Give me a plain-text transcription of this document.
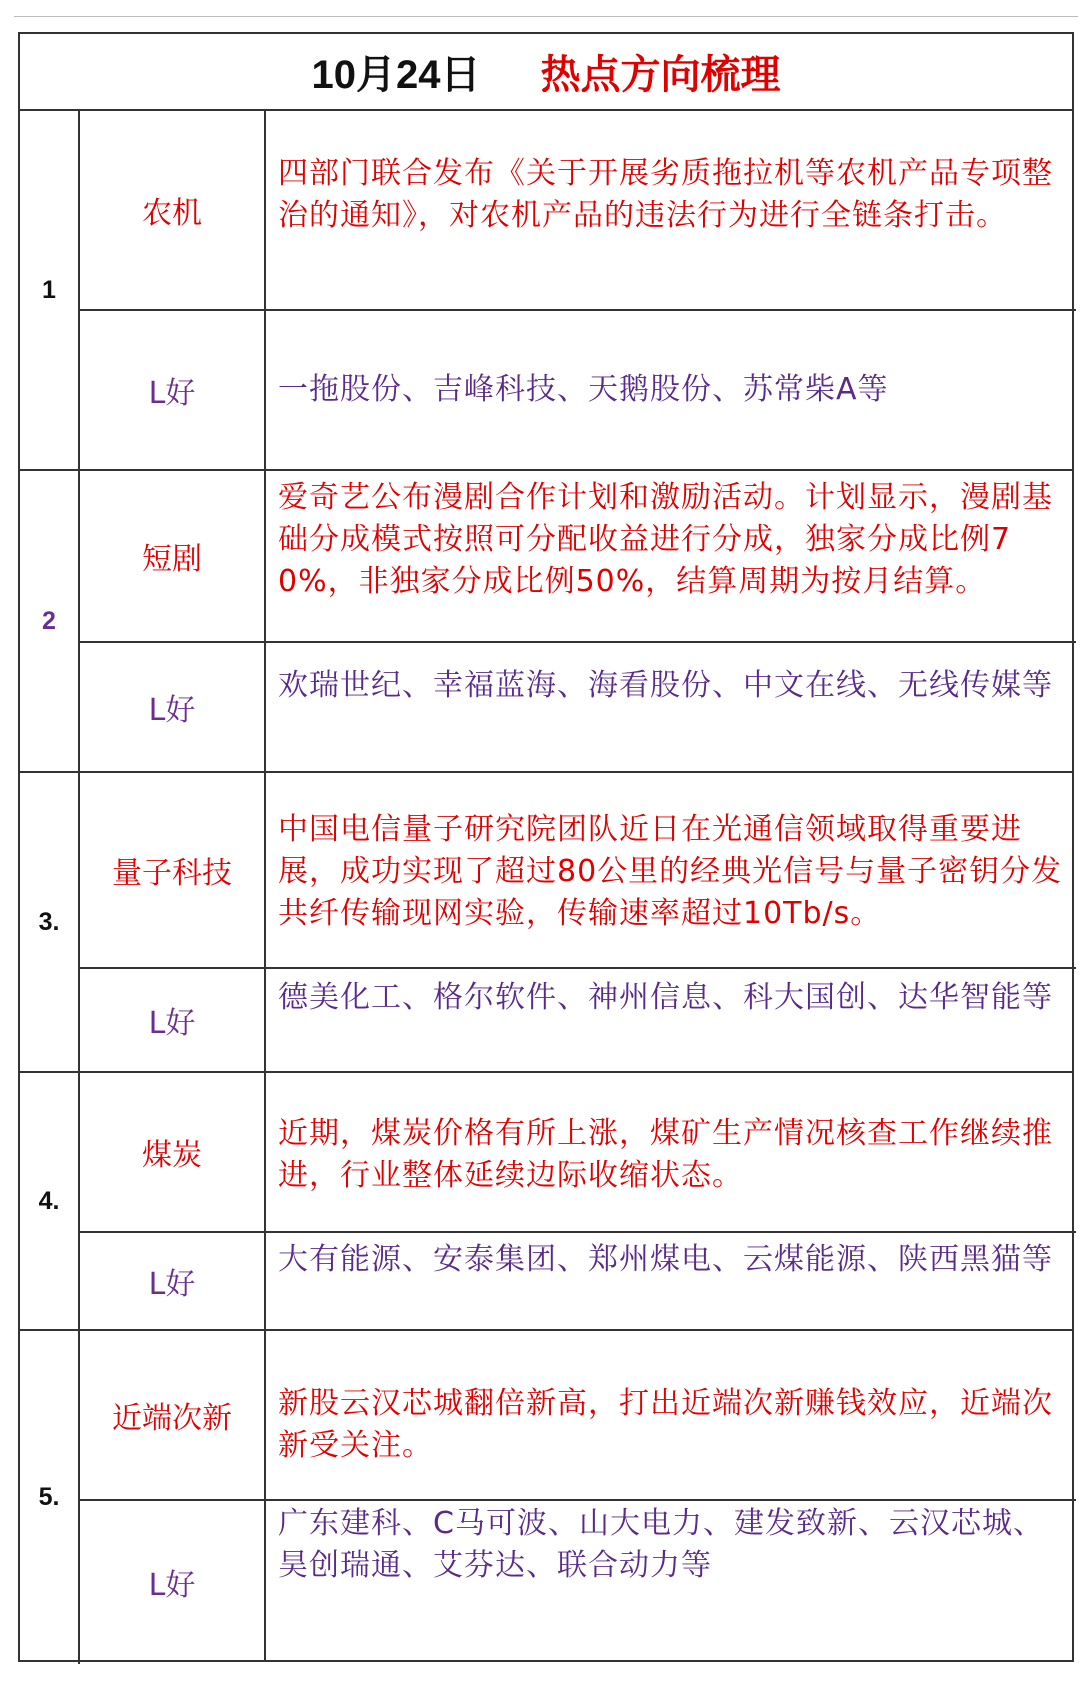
10月24日 热点方向梳理
1
农机
四部门联合发布《关于开展劣质拖拉机等农机产品专项整治的通知》，对农机产品的违法行为进行全链条打击。
L好	一拖股份、吉峰科技、天鹅股份、苏常柴A等
2
短剧
爱奇艺公布漫剧合作计划和激励活动。计划显示，漫剧基础分成模式按照可分配收益进行分成，独家分成比例70%，非独家分成比例50%，结算周期为按月结算。
L好
欢瑞世纪、幸福蓝海、海看股份、中文在线、无线传媒等
3.
量子科技
中国电信量子研究院团队近日在光通信领域取得重要进展，成功实现了超过80公里的经典光信号与量子密钥分发共纤传输现网实验，传输速率超过10Tb/s。
L好
德美化工、格尔软件、神州信息、科大国创、达华智能等
4.
煤炭
近期，煤炭价格有所上涨，煤矿生产情况核查工作继续推进，行业整体延续边际收缩状态。
L好
大有能源、安泰集团、郑州煤电、云煤能源、陕西黑猫等
5.
近端次新	新股云汉芯城翻倍新高，打出近端次新赚钱效应，近端次新受关注。
L好
广东建科、C马可波、山大电力、建发致新、云汉芯城、昊创瑞通、艾芬达、联合动力等
